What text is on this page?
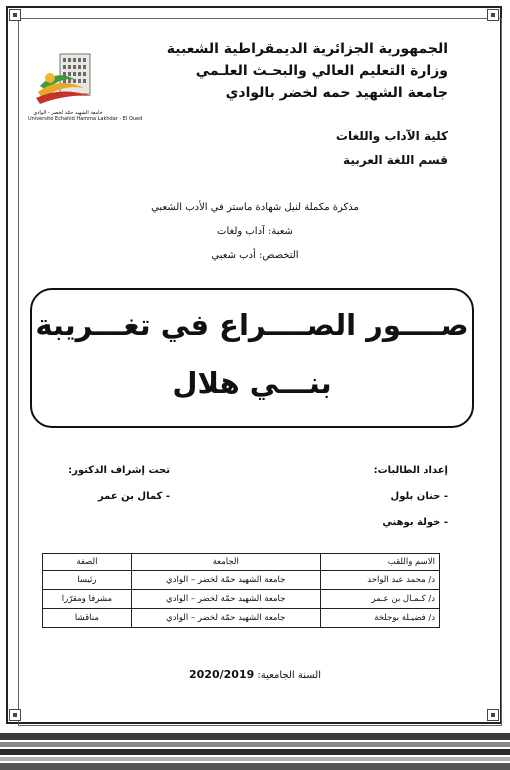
الجمهورية الجزائرية الديمقراطية الشعبية
وزارة التعليم العالي والبحـث العلـمي
جامعة الشهيد حمه لخضر بالوادي
جامعة الشهيد حمّة لخضر - الوادي
Université Echahid Hamma Lakhdar - El Oued
كلية الآداب واللغات
قسم اللغة العربية
مذكرة مكملة لنيل شهادة ماستر في الأدب الشعبي
شعبة: آداب ولغات
التخصص: أدب شعبي
صــــور الصــــراع في تغـــريبة
بنـــي هلال
إعداد الطالبات:
- حنان بلول
- خولة بوهني
تحت إشراف الدكتور:
- كمال بن عمر
الاسم واللقب	الجامعة	الصفة
د/ محمد عبد الواحد	جامعة الشهيد حمّة لخضر – الوادي	رئيسا
د/ كـمـال بن عـمر	جامعة الشهيد حمّة لخضر – الوادي	مشرفا ومقرّرا
د/ فضيـلة بوجلخة	جامعة الشهيد حمّة لخضر – الوادي	مناقشا
السنة الجامعية: 2020/2019
